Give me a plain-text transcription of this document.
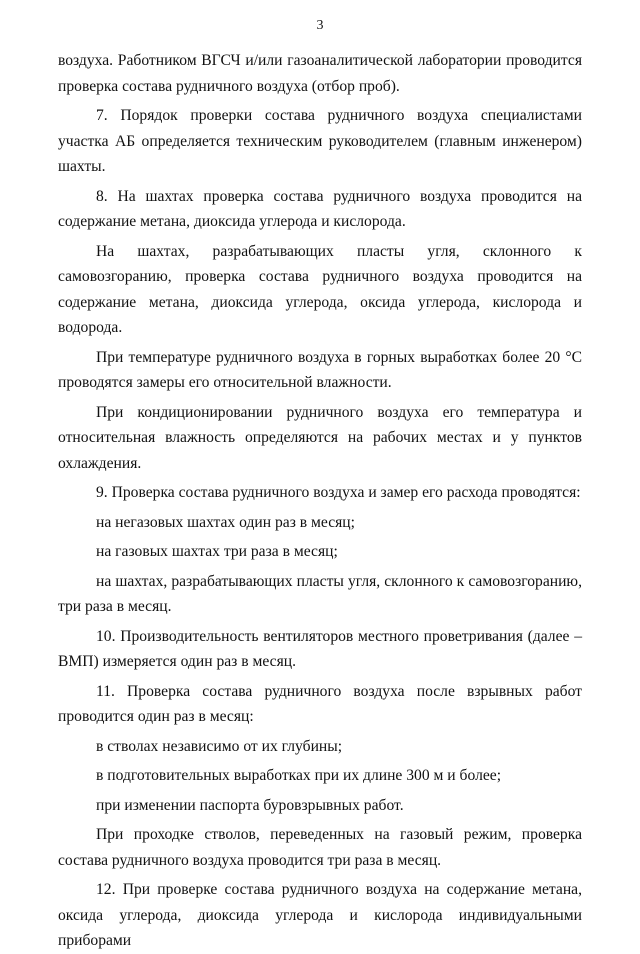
3

воздуха. Работником ВГСЧ и/или газоаналитической лаборатории проводится проверка состава рудничного воздуха (отбор проб).

7. Порядок проверки состава рудничного воздуха специалистами участка АБ определяется техническим руководителем (главным инженером) шахты.

8. На шахтах проверка состава рудничного воздуха проводится на содержание метана, диоксида углерода и кислорода.

На шахтах, разрабатывающих пласты угля, склонного к самовозгоранию, проверка состава рудничного воздуха проводится на содержание метана, диоксида углерода, оксида углерода, кислорода и водорода.

При температуре рудничного воздуха в горных выработках более 20 °С проводятся замеры его относительной влажности.

При кондиционировании рудничного воздуха его температура и относительная влажность определяются на рабочих местах и у пунктов охлаждения.

9. Проверка состава рудничного воздуха и замер его расхода проводятся:

на негазовых шахтах один раз в месяц;

на газовых шахтах три раза в месяц;

на шахтах, разрабатывающих пласты угля, склонного к самовозгоранию, три раза в месяц.

10. Производительность вентиляторов местного проветривания (далее – ВМП) измеряется один раз в месяц.

11. Проверка состава рудничного воздуха после взрывных работ проводится один раз в месяц:

в стволах независимо от их глубины;

в подготовительных выработках при их длине 300 м и более;

при изменении паспорта буровзрывных работ.

При проходке стволов, переведенных на газовый режим, проверка состава рудничного воздуха проводится три раза в месяц.

12. При проверке состава рудничного воздуха на содержание метана, оксида углерода, диоксида углерода и кислорода индивидуальными приборами
